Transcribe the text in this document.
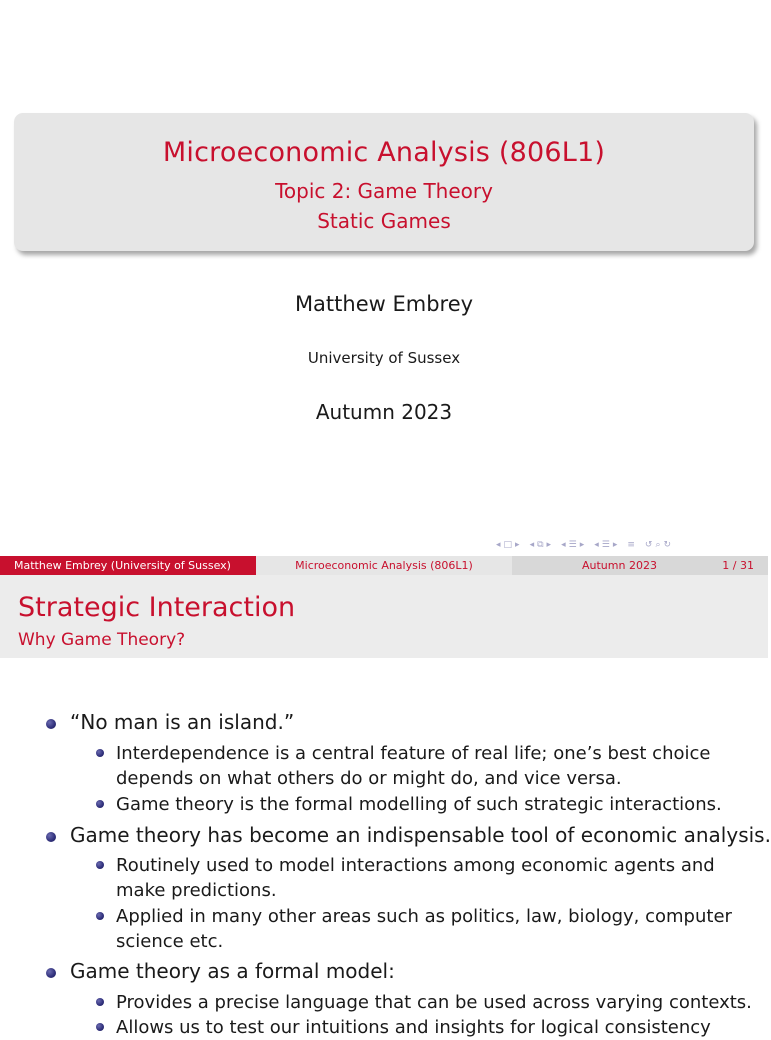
Microeconomic Analysis (806L1)
Topic 2: Game Theory
Static Games
Matthew Embrey
University of Sussex
Autumn 2023
◂ □ ▸ ◂ ⧉ ▸ ◂ ☰ ▸ ◂ ☰ ▸ ≡ ↺ ⌕ ↻
Matthew Embrey (University of Sussex)	Microeconomic Analysis (806L1)	Autumn 2023	1 / 31
Strategic Interaction
Why Game Theory?
“No man is an island.”
Interdependence is a central feature of real life; one’s best choice
depends on what others do or might do, and vice versa.
Game theory is the formal modelling of such strategic interactions.
Game theory has become an indispensable tool of economic analysis.
Routinely used to model interactions among economic agents and
make predictions.
Applied in many other areas such as politics, law, biology, computer
science etc.
Game theory as a formal model:
Provides a precise language that can be used across varying contexts.
Allows us to test our intuitions and insights for logical consistency
